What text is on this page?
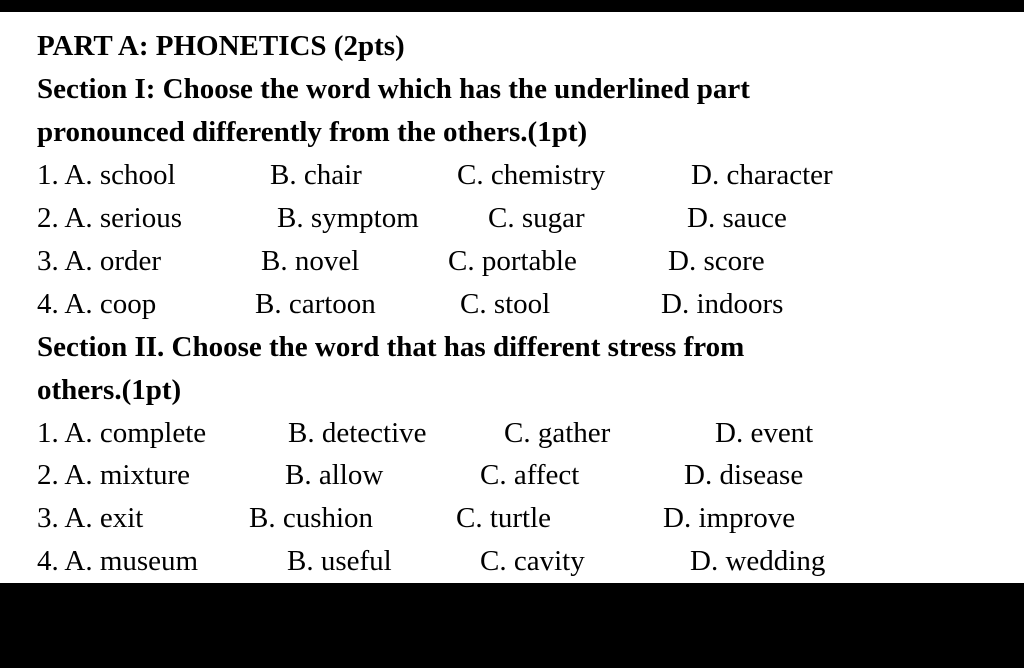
PART A: PHONETICS (2pts)
Section I: Choose the word which has the underlined part
pronounced differently from the others.(1pt)
1. A. school	B. chair	C. chemistry	D. character
2. A. serious	B. symptom C. sugar	D. sauce
3. A. order	B. novel	C. portable	D. score
4. A. coop	B. cartoon	C. stool	D. indoors
Section II. Choose the word that has different stress from
others.(1pt)
1. A. complete	B. detective	C. gather	D. event
2. A. mixture	B. allow	C. affect	D. disease
3. A. exit	B. cushion	C. turtle	D. improve
4. A. museum	B. useful	C. cavity	D. wedding
